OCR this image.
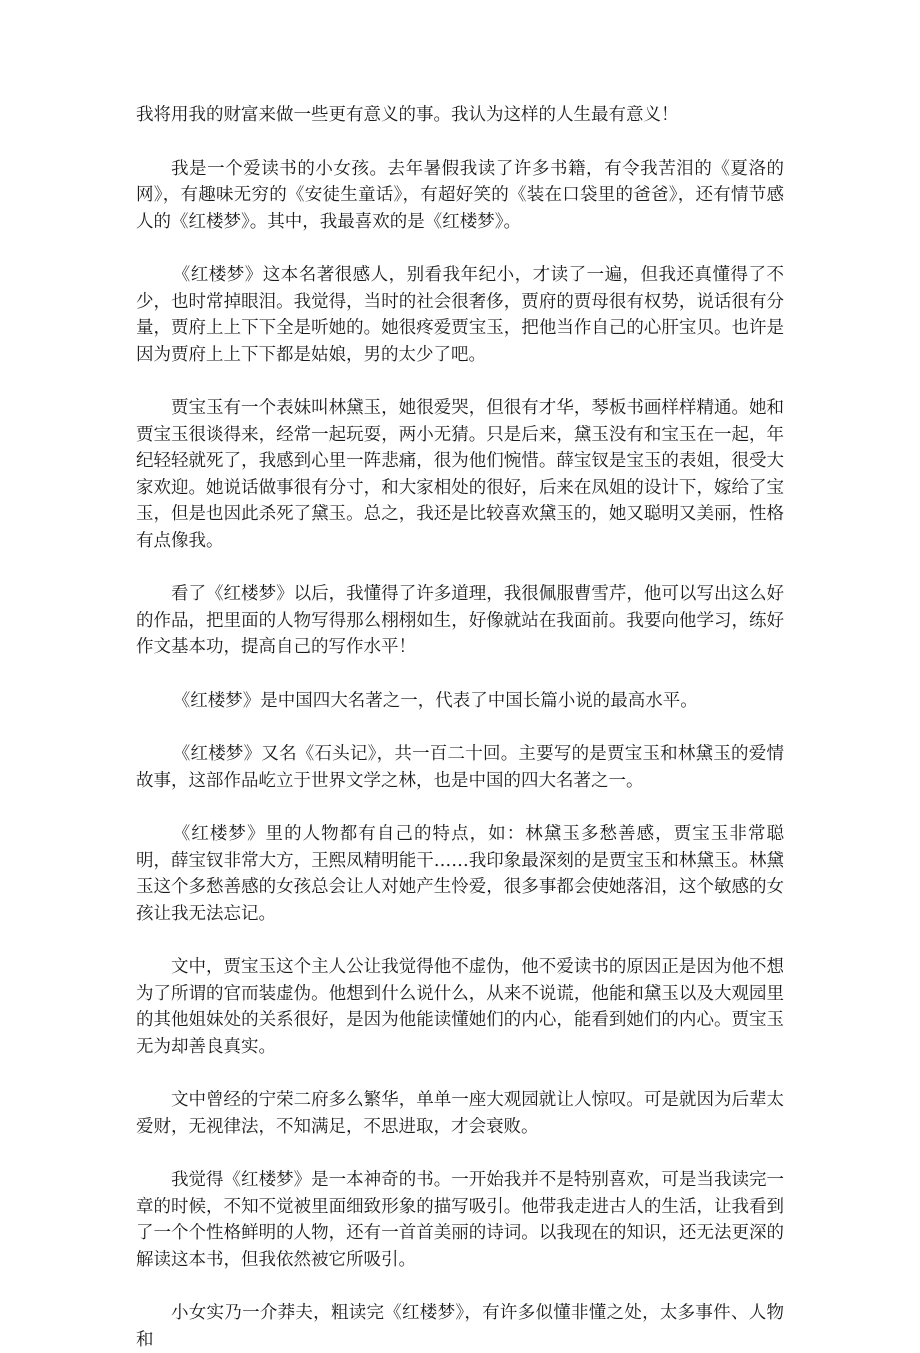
我将用我的财富来做一些更有意义的事。我认为这样的人生最有意义！

我是一个爱读书的小女孩。去年暑假我读了许多书籍，有令我苦泪的《夏洛的网》，有趣味无穷的《安徒生童话》，有超好笑的《装在口袋里的爸爸》，还有情节感人的《红楼梦》。其中，我最喜欢的是《红楼梦》。

《红楼梦》这本名著很感人，别看我年纪小，才读了一遍，但我还真懂得了不少，也时常掉眼泪。我觉得，当时的社会很奢侈，贾府的贾母很有权势，说话很有分量，贾府上上下下全是听她的。她很疼爱贾宝玉，把他当作自己的心肝宝贝。也许是因为贾府上上下下都是姑娘，男的太少了吧。

贾宝玉有一个表妹叫林黛玉，她很爱哭，但很有才华，琴板书画样样精通。她和贾宝玉很谈得来，经常一起玩耍，两小无猜。只是后来，黛玉没有和宝玉在一起，年纪轻轻就死了，我感到心里一阵悲痛，很为他们惋惜。薛宝钗是宝玉的表姐，很受大家欢迎。她说话做事很有分寸，和大家相处的很好，后来在凤姐的设计下，嫁给了宝玉，但是也因此杀死了黛玉。总之，我还是比较喜欢黛玉的，她又聪明又美丽，性格有点像我。

看了《红楼梦》以后，我懂得了许多道理，我很佩服曹雪芹，他可以写出这么好的作品，把里面的人物写得那么栩栩如生，好像就站在我面前。我要向他学习，练好作文基本功，提高自己的写作水平！

《红楼梦》是中国四大名著之一，代表了中国长篇小说的最高水平。

《红楼梦》又名《石头记》，共一百二十回。主要写的是贾宝玉和林黛玉的爱情故事，这部作品屹立于世界文学之林，也是中国的四大名著之一。

《红楼梦》里的人物都有自己的特点，如：林黛玉多愁善感，贾宝玉非常聪明，薛宝钗非常大方，王熙凤精明能干……我印象最深刻的是贾宝玉和林黛玉。林黛玉这个多愁善感的女孩总会让人对她产生怜爱，很多事都会使她落泪，这个敏感的女孩让我无法忘记。

文中，贾宝玉这个主人公让我觉得他不虚伪，他不爱读书的原因正是因为他不想为了所谓的官而装虚伪。他想到什么说什么，从来不说谎，他能和黛玉以及大观园里的其他姐妹处的关系很好，是因为他能读懂她们的内心，能看到她们的内心。贾宝玉无为却善良真实。

文中曾经的宁荣二府多么繁华，单单一座大观园就让人惊叹。可是就因为后辈太爱财，无视律法，不知满足，不思进取，才会衰败。

我觉得《红楼梦》是一本神奇的书。一开始我并不是特别喜欢，可是当我读完一章的时候，不知不觉被里面细致形象的描写吸引。他带我走进古人的生活，让我看到了一个个性格鲜明的人物，还有一首首美丽的诗词。以我现在的知识，还无法更深的解读这本书，但我依然被它所吸引。

小女实乃一介莽夫，粗读完《红楼梦》，有许多似懂非懂之处，太多事件、人物和
